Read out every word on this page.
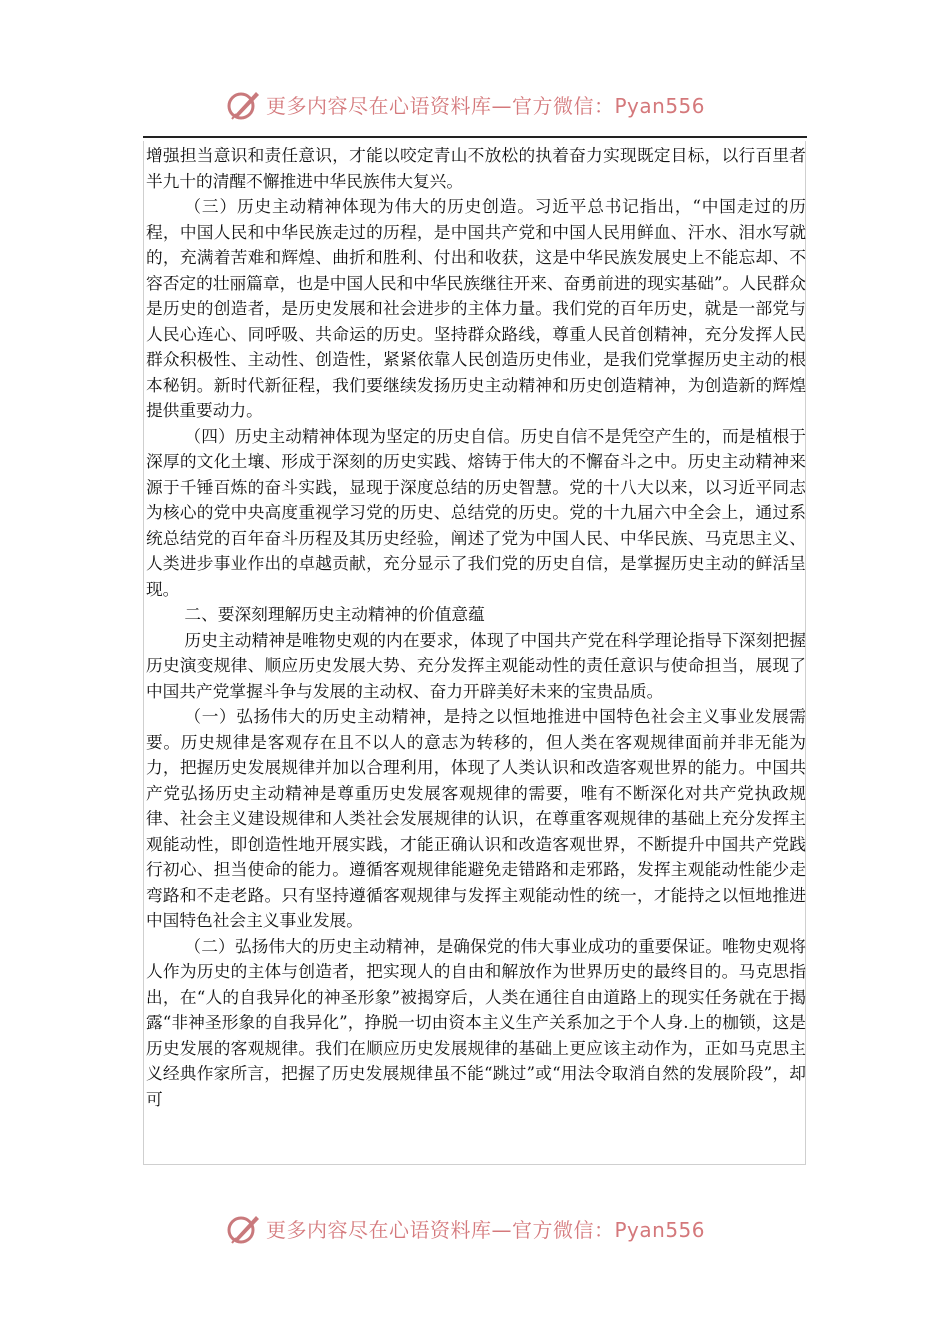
更多内容尽在心语资料库—官方微信：Pyan556

增强担当意识和责任意识，才能以咬定青山不放松的执着奋力实现既定目标，以行百里者半九十的清醒不懈推进中华民族伟大复兴。

（三）历史主动精神体现为伟大的历史创造。习近平总书记指出，“中国走过的历程，中国人民和中华民族走过的历程，是中国共产党和中国人民用鲜血、汗水、泪水写就的，充满着苦难和辉煌、曲折和胜利、付出和收获，这是中华民族发展史上不能忘却、不容否定的壮丽篇章，也是中国人民和中华民族继往开来、奋勇前进的现实基础”。人民群众是历史的创造者，是历史发展和社会进步的主体力量。我们党的百年历史，就是一部党与人民心连心、同呼吸、共命运的历史。坚持群众路线，尊重人民首创精神，充分发挥人民群众积极性、主动性、创造性，紧紧依靠人民创造历史伟业，是我们党掌握历史主动的根本秘钥。新时代新征程，我们要继续发扬历史主动精神和历史创造精神，为创造新的辉煌提供重要动力。

（四）历史主动精神体现为坚定的历史自信。历史自信不是凭空产生的，而是植根于深厚的文化土壤、形成于深刻的历史实践、熔铸于伟大的不懈奋斗之中。历史主动精神来源于千锤百炼的奋斗实践，显现于深度总结的历史智慧。党的十八大以来，以习近平同志为核心的党中央高度重视学习党的历史、总结党的历史。党的十九届六中全会上，通过系统总结党的百年奋斗历程及其历史经验，阐述了党为中国人民、中华民族、马克思主义、人类进步事业作出的卓越贡献，充分显示了我们党的历史自信，是掌握历史主动的鲜活呈现。

二、要深刻理解历史主动精神的价值意蕴

历史主动精神是唯物史观的内在要求，体现了中国共产党在科学理论指导下深刻把握历史演变规律、顺应历史发展大势、充分发挥主观能动性的责任意识与使命担当，展现了中国共产党掌握斗争与发展的主动权、奋力开辟美好未来的宝贵品质。

（一）弘扬伟大的历史主动精神，是持之以恒地推进中国特色社会主义事业发展需要。历史规律是客观存在且不以人的意志为转移的，但人类在客观规律面前并非无能为力，把握历史发展规律并加以合理利用，体现了人类认识和改造客观世界的能力。中国共产党弘扬历史主动精神是尊重历史发展客观规律的需要，唯有不断深化对共产党执政规律、社会主义建设规律和人类社会发展规律的认识，在尊重客观规律的基础上充分发挥主观能动性，即创造性地开展实践，才能正确认识和改造客观世界，不断提升中国共产党践行初心、担当使命的能力。遵循客观规律能避免走错路和走邪路，发挥主观能动性能少走弯路和不走老路。只有坚持遵循客观规律与发挥主观能动性的统一，才能持之以恒地推进中国特色社会主义事业发展。

（二）弘扬伟大的历史主动精神，是确保党的伟大事业成功的重要保证。唯物史观将人作为历史的主体与创造者，把实现人的自由和解放作为世界历史的最终目的。马克思指出，在“人的自我异化的神圣形象”被揭穿后，人类在通往自由道路上的现实任务就在于揭露“非神圣形象的自我异化”，挣脱一切由资本主义生产关系加之于个人身.上的枷锁，这是历史发展的客观规律。我们在顺应历史发展规律的基础上更应该主动作为，正如马克思主义经典作家所言，把握了历史发展规律虽不能“跳过”或“用法令取消自然的发展阶段”，却可

更多内容尽在心语资料库—官方微信：Pyan556
